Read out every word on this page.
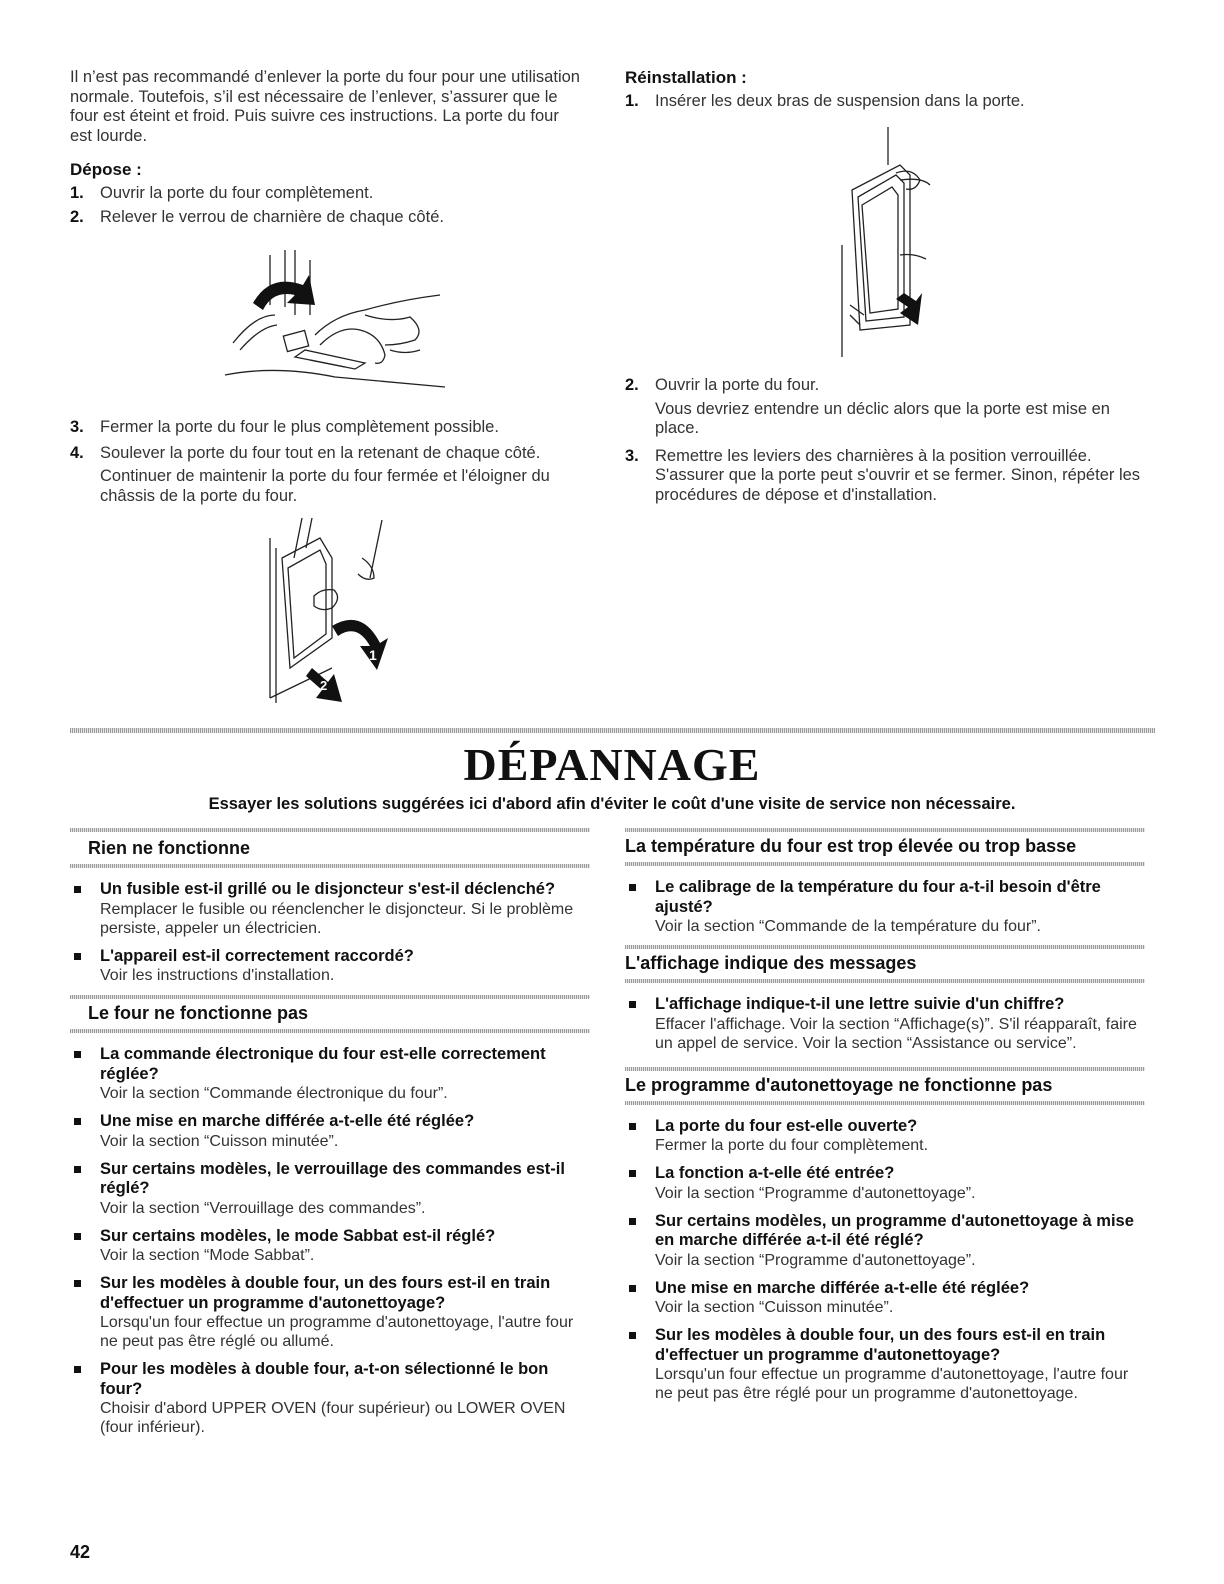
Il n’est pas recommandé d’enlever la porte du four pour une utilisation normale. Toutefois, s’il est nécessaire de l’enlever, s’assurer que le four est éteint et froid. Puis suivre ces instructions. La porte du four est lourde.

Dépose :
1. Ouvrir la porte du four complètement.
2. Relever le verrou de charnière de chaque côté.
3. Fermer la porte du four le plus complètement possible.
4. Soulever la porte du four tout en la retenant de chaque côté.

Continuer de maintenir la porte du four fermée et l'éloigner du châssis de la porte du four.

1
2
Réinstallation :
1. Insérer les deux bras de suspension dans la porte.
2. Ouvrir la porte du four.

Vous devriez entendre un déclic alors que la porte est mise en place.

3. Remettre les leviers des charnières à la position verrouillée. S'assurer que la porte peut s'ouvrir et se fermer. Sinon, répéter les procédures de dépose et d'installation.
DÉPANNAGE
Essayer les solutions suggérées ici d'abord afin d'éviter le coût d'une visite de service non nécessaire.
Rien ne fonctionne
Un fusible est-il grillé ou le disjoncteur s'est-il déclenché?
Remplacer le fusible ou réenclencher le disjoncteur. Si le problème persiste, appeler un électricien.
L'appareil est-il correctement raccordé?
Voir les instructions d'installation.
Le four ne fonctionne pas
La commande électronique du four est-elle correctement réglée?
Voir la section “Commande électronique du four”.
Une mise en marche différée a-t-elle été réglée?
Voir la section “Cuisson minutée”.
Sur certains modèles, le verrouillage des commandes est-il réglé?
Voir la section “Verrouillage des commandes”.
Sur certains modèles, le mode Sabbat est-il réglé?
Voir la section “Mode Sabbat”.
Sur les modèles à double four, un des fours est-il en train d'effectuer un programme d'autonettoyage?
Lorsqu'un four effectue un programme d'autonettoyage, l'autre four ne peut pas être réglé ou allumé.
Pour les modèles à double four, a-t-on sélectionné le bon four?
Choisir d'abord UPPER OVEN (four supérieur) ou LOWER OVEN (four inférieur).
La température du four est trop élevée ou trop basse
Le calibrage de la température du four a-t-il besoin d'être ajusté?
Voir la section “Commande de la température du four”.
L'affichage indique des messages
L'affichage indique-t-il une lettre suivie d'un chiffre?
Effacer l'affichage. Voir la section “Affichage(s)”. S'il réapparaît, faire un appel de service. Voir la section “Assistance ou service”.
Le programme d'autonettoyage ne fonctionne pas
La porte du four est-elle ouverte?
Fermer la porte du four complètement.
La fonction a-t-elle été entrée?
Voir la section “Programme d'autonettoyage”.
Sur certains modèles, un programme d'autonettoyage à mise en marche différée a-t-il été réglé?
Voir la section “Programme d'autonettoyage”.
Une mise en marche différée a-t-elle été réglée?
Voir la section “Cuisson minutée”.
Sur les modèles à double four, un des fours est-il en train d'effectuer un programme d'autonettoyage?
Lorsqu'un four effectue un programme d'autonettoyage, l'autre four ne peut pas être réglé pour un programme d'autonettoyage.
42
